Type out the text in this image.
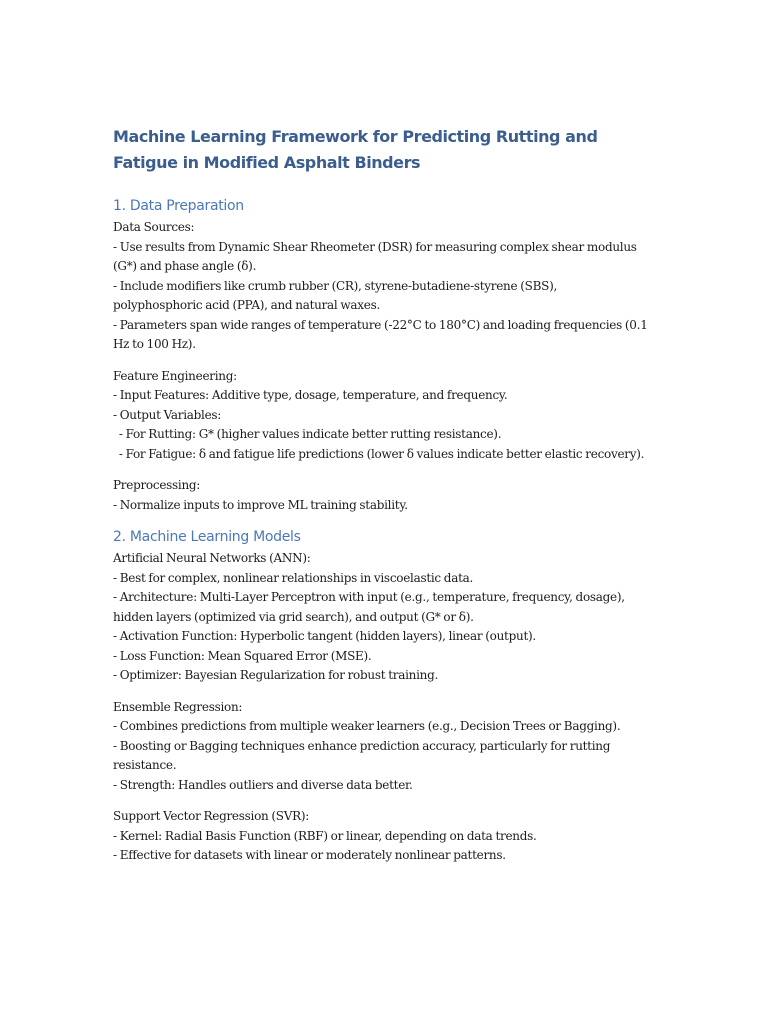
Machine Learning Framework for Predicting Rutting and Fatigue in Modified Asphalt Binders
1. Data Preparation
Data Sources:
- Use results from Dynamic Shear Rheometer (DSR) for measuring complex shear modulus (G*) and phase angle (δ).
- Include modifiers like crumb rubber (CR), styrene-butadiene-styrene (SBS), polyphosphoric acid (PPA), and natural waxes.
- Parameters span wide ranges of temperature (-22°C to 180°C) and loading frequencies (0.1 Hz to 100 Hz).
Feature Engineering:
- Input Features: Additive type, dosage, temperature, and frequency.
- Output Variables:
- For Rutting: G* (higher values indicate better rutting resistance).
- For Fatigue: δ and fatigue life predictions (lower δ values indicate better elastic recovery).
Preprocessing:
- Normalize inputs to improve ML training stability.
2. Machine Learning Models
Artificial Neural Networks (ANN):
- Best for complex, nonlinear relationships in viscoelastic data.
- Architecture: Multi-Layer Perceptron with input (e.g., temperature, frequency, dosage), hidden layers (optimized via grid search), and output (G* or δ).
- Activation Function: Hyperbolic tangent (hidden layers), linear (output).
- Loss Function: Mean Squared Error (MSE).
- Optimizer: Bayesian Regularization for robust training.
Ensemble Regression:
- Combines predictions from multiple weaker learners (e.g., Decision Trees or Bagging).
- Boosting or Bagging techniques enhance prediction accuracy, particularly for rutting resistance.
- Strength: Handles outliers and diverse data better.
Support Vector Regression (SVR):
- Kernel: Radial Basis Function (RBF) or linear, depending on data trends.
- Effective for datasets with linear or moderately nonlinear patterns.
